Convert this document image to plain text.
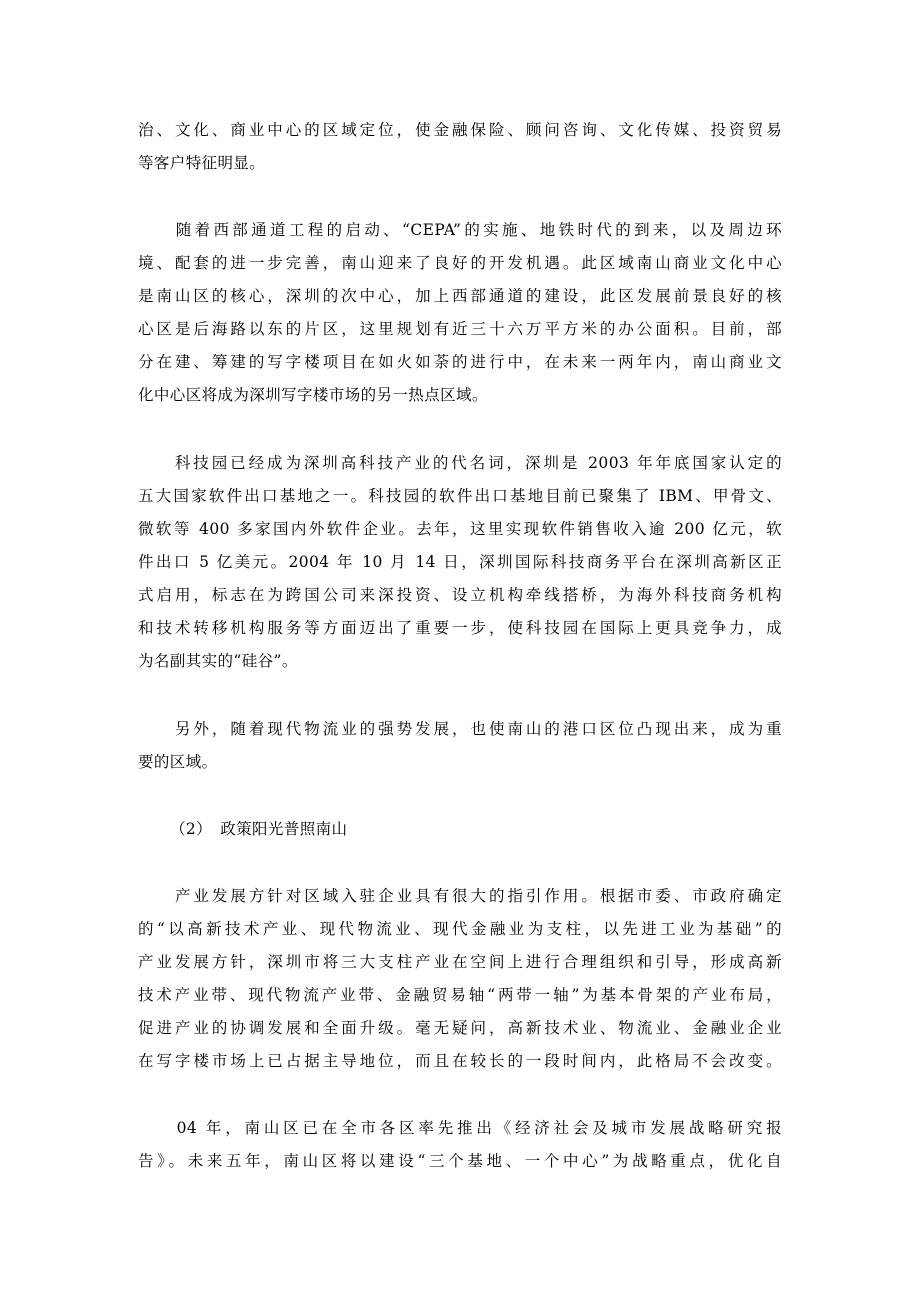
治、文化、商业中心的区域定位，使金融保险、顾问咨询、文化传媒、投资贸易
等客户特征明显。
　　随着西部通道工程的启动、“CEPA”的实施、地铁时代的到来，以及周边环
境、配套的进一步完善，南山迎来了良好的开发机遇。此区域南山商业文化中心
是南山区的核心，深圳的次中心，加上西部通道的建设，此区发展前景良好的核
心区是后海路以东的片区，这里规划有近三十六万平方米的办公面积。目前，部
分在建、筹建的写字楼项目在如火如荼的进行中，在未来一两年内，南山商业文
化中心区将成为深圳写字楼市场的另一热点区域。
　　科技园已经成为深圳高科技产业的代名词，深圳是 2003 年年底国家认定的
五大国家软件出口基地之一。科技园的软件出口基地目前已聚集了 IBM、甲骨文、
微软等 400 多家国内外软件企业。去年，这里实现软件销售收入逾 200 亿元，软
件出口 5 亿美元。2004 年 10 月 14 日，深圳国际科技商务平台在深圳高新区正
式启用，标志在为跨国公司来深投资、设立机构牵线搭桥，为海外科技商务机构
和技术转移机构服务等方面迈出了重要一步，使科技园在国际上更具竞争力，成
为名副其实的“硅谷”。
　　另外，随着现代物流业的强势发展，也使南山的港口区位凸现出来，成为重
要的区域。
（2）　政策阳光普照南山
　　产业发展方针对区域入驻企业具有很大的指引作用。根据市委、市政府确定
的“以高新技术产业、现代物流业、现代金融业为支柱，以先进工业为基础”的
产业发展方针，深圳市将三大支柱产业在空间上进行合理组织和引导，形成高新
技术产业带、现代物流产业带、金融贸易轴“两带一轴”为基本骨架的产业布局，
促进产业的协调发展和全面升级。毫无疑问，高新技术业、物流业、金融业企业
在写字楼市场上已占据主导地位，而且在较长的一段时间内，此格局不会改变。
　　04 年，南山区已在全市各区率先推出《经济社会及城市发展战略研究报
告》。未来五年，南山区将以建设“三个基地、一个中心”为战略重点，优化自
